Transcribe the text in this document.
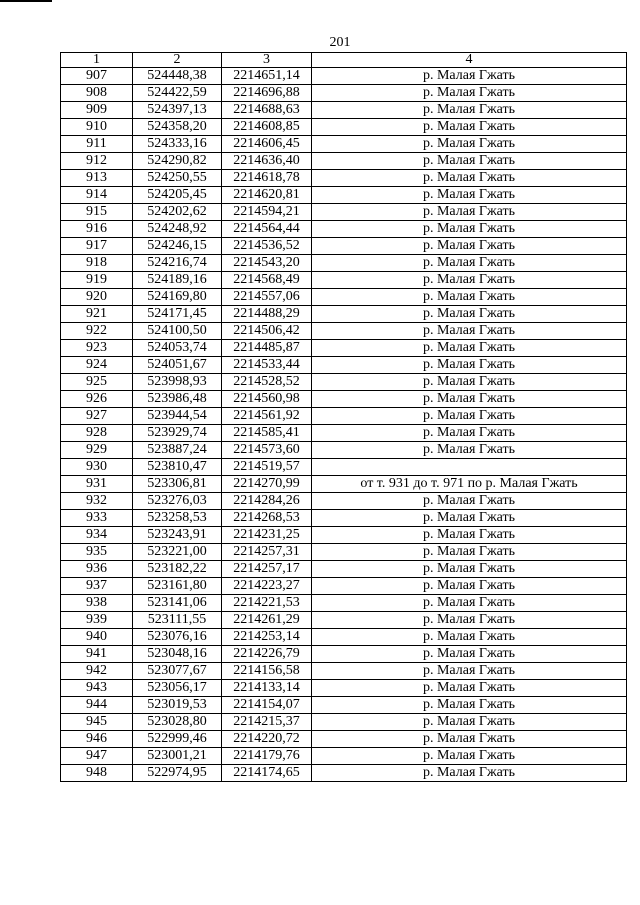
201
1	2	3	4
907	524448,38	2214651,14	р. Малая Гжать
908	524422,59	2214696,88	р. Малая Гжать
909	524397,13	2214688,63	р. Малая Гжать
910	524358,20	2214608,85	р. Малая Гжать
911	524333,16	2214606,45	р. Малая Гжать
912	524290,82	2214636,40	р. Малая Гжать
913	524250,55	2214618,78	р. Малая Гжать
914	524205,45	2214620,81	р. Малая Гжать
915	524202,62	2214594,21	р. Малая Гжать
916	524248,92	2214564,44	р. Малая Гжать
917	524246,15	2214536,52	р. Малая Гжать
918	524216,74	2214543,20	р. Малая Гжать
919	524189,16	2214568,49	р. Малая Гжать
920	524169,80	2214557,06	р. Малая Гжать
921	524171,45	2214488,29	р. Малая Гжать
922	524100,50	2214506,42	р. Малая Гжать
923	524053,74	2214485,87	р. Малая Гжать
924	524051,67	2214533,44	р. Малая Гжать
925	523998,93	2214528,52	р. Малая Гжать
926	523986,48	2214560,98	р. Малая Гжать
927	523944,54	2214561,92	р. Малая Гжать
928	523929,74	2214585,41	р. Малая Гжать
929	523887,24	2214573,60	р. Малая Гжать
930	523810,47	2214519,57	
931	523306,81	2214270,99	от т. 931 до т. 971 по р. Малая Гжать
932	523276,03	2214284,26	р. Малая Гжать
933	523258,53	2214268,53	р. Малая Гжать
934	523243,91	2214231,25	р. Малая Гжать
935	523221,00	2214257,31	р. Малая Гжать
936	523182,22	2214257,17	р. Малая Гжать
937	523161,80	2214223,27	р. Малая Гжать
938	523141,06	2214221,53	р. Малая Гжать
939	523111,55	2214261,29	р. Малая Гжать
940	523076,16	2214253,14	р. Малая Гжать
941	523048,16	2214226,79	р. Малая Гжать
942	523077,67	2214156,58	р. Малая Гжать
943	523056,17	2214133,14	р. Малая Гжать
944	523019,53	2214154,07	р. Малая Гжать
945	523028,80	2214215,37	р. Малая Гжать
946	522999,46	2214220,72	р. Малая Гжать
947	523001,21	2214179,76	р. Малая Гжать
948	522974,95	2214174,65	р. Малая Гжать
